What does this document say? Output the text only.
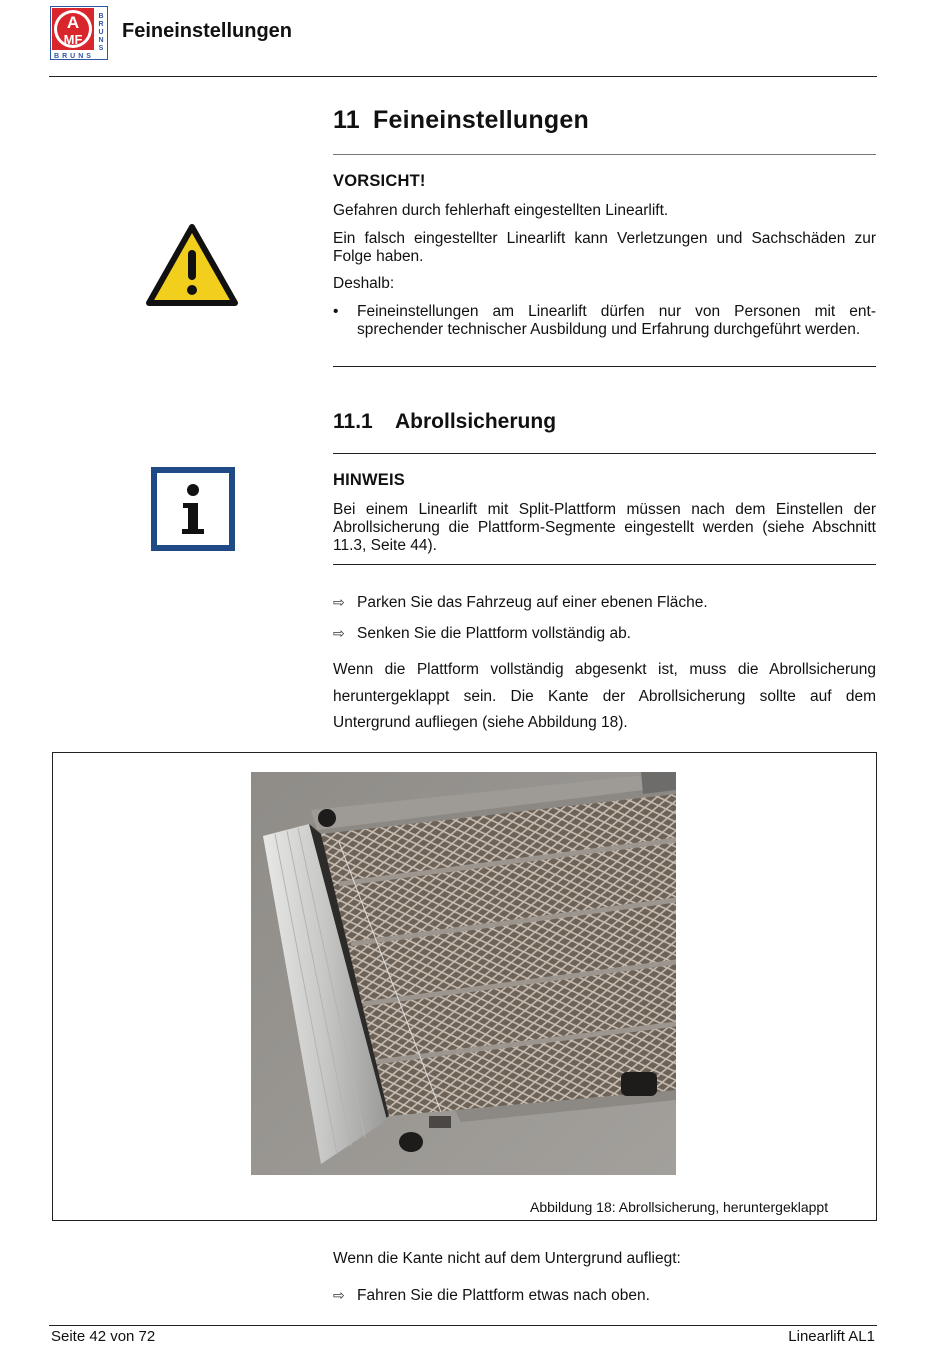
A
MF
B
R
U
N
S
BRUNS
Feineinstellungen
11 Feineinstellungen
VORSICHT!
Gefahren durch fehlerhaft eingestellten Linearlift.
Ein falsch eingestellter Linearlift kann Verletzungen und Sachschäden zur Folge haben.
Deshalb:
• Feineinstellungen am Linearlift dürfen nur von Personen mit entsprechender technischer Ausbildung und Erfahrung durchgeführt werden.
11.1 Abrollsicherung
HINWEIS
Bei einem Linearlift mit Split-Plattform müssen nach dem Einstellen der Abrollsicherung die Plattform-Segmente eingestellt werden (siehe Abschnitt 11.3, Seite 44).
⇨ Parken Sie das Fahrzeug auf einer ebenen Fläche.
⇨ Senken Sie die Plattform vollständig ab.
Wenn die Plattform vollständig abgesenkt ist, muss die Abrollsicherung heruntergeklappt sein. Die Kante der Abrollsicherung sollte auf dem Untergrund aufliegen (siehe Abbildung 18).
Abbildung 18: Abrollsicherung, heruntergeklappt
Wenn die Kante nicht auf dem Untergrund aufliegt:
⇨ Fahren Sie die Plattform etwas nach oben.
Seite 42 von 72	Linearlift AL1
